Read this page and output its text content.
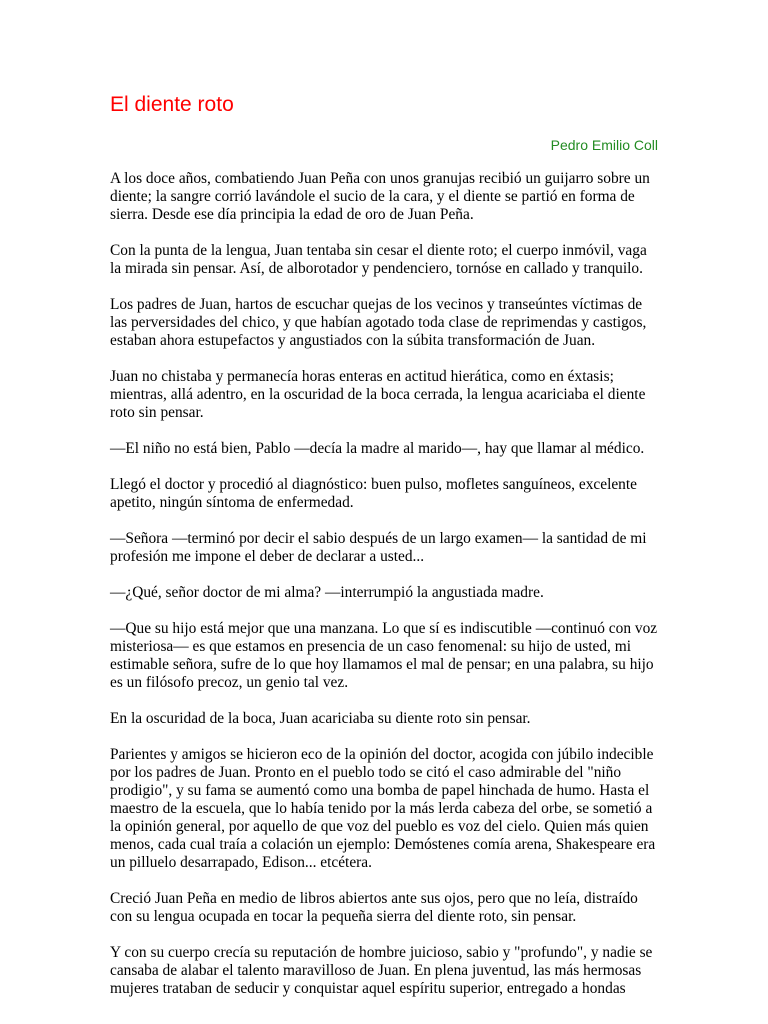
El diente roto
Pedro Emilio Coll

A los doce años, combatiendo Juan Peña con unos granujas recibió un guijarro sobre un diente; la sangre corrió lavándole el sucio de la cara, y el diente se partió en forma de sierra. Desde ese día principia la edad de oro de Juan Peña.

Con la punta de la lengua, Juan tentaba sin cesar el diente roto; el cuerpo inmóvil, vaga la mirada sin pensar. Así, de alborotador y pendenciero, tornóse en callado y tranquilo.

Los padres de Juan, hartos de escuchar quejas de los vecinos y transeúntes víctimas de las perversidades del chico, y que habían agotado toda clase de reprimendas y castigos, estaban ahora estupefactos y angustiados con la súbita transformación de Juan.

Juan no chistaba y permanecía horas enteras en actitud hierática, como en éxtasis; mientras, allá adentro, en la oscuridad de la boca cerrada, la lengua acariciaba el diente roto sin pensar.

—El niño no está bien, Pablo —decía la madre al marido—, hay que llamar al médico.

Llegó el doctor y procedió al diagnóstico: buen pulso, mofletes sanguíneos, excelente apetito, ningún síntoma de enfermedad.

—Señora —terminó por decir el sabio después de un largo examen— la santidad de mi profesión me impone el deber de declarar a usted...

—¿Qué, señor doctor de mi alma? —interrumpió la angustiada madre.

—Que su hijo está mejor que una manzana. Lo que sí es indiscutible —continuó con voz misteriosa— es que estamos en presencia de un caso fenomenal: su hijo de usted, mi estimable señora, sufre de lo que hoy llamamos el mal de pensar; en una palabra, su hijo es un filósofo precoz, un genio tal vez.

En la oscuridad de la boca, Juan acariciaba su diente roto sin pensar.

Parientes y amigos se hicieron eco de la opinión del doctor, acogida con júbilo indecible por los padres de Juan. Pronto en el pueblo todo se citó el caso admirable del "niño prodigio", y su fama se aumentó como una bomba de papel hinchada de humo. Hasta el maestro de la escuela, que lo había tenido por la más lerda cabeza del orbe, se sometió a la opinión general, por aquello de que voz del pueblo es voz del cielo. Quien más quien menos, cada cual traía a colación un ejemplo: Demóstenes comía arena, Shakespeare era un pilluelo desarrapado, Edison... etcétera.

Creció Juan Peña en medio de libros abiertos ante sus ojos, pero que no leía, distraído con su lengua ocupada en tocar la pequeña sierra del diente roto, sin pensar.

Y con su cuerpo crecía su reputación de hombre juicioso, sabio y "profundo", y nadie se cansaba de alabar el talento maravilloso de Juan. En plena juventud, las más hermosas mujeres trataban de seducir y conquistar aquel espíritu superior, entregado a hondas
